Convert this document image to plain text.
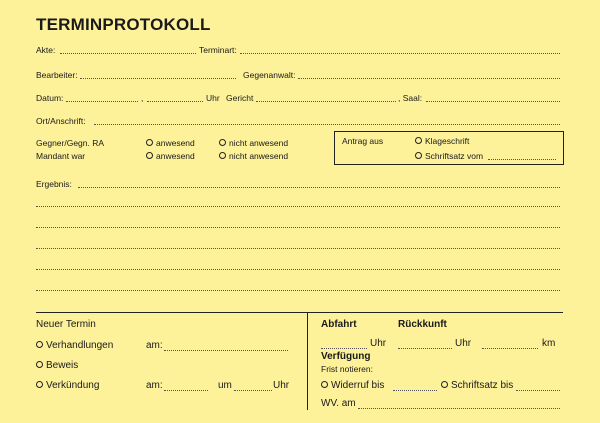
TERMINPROTOKOLL
Akte:	Terminart:
Bearbeiter:	Gegenanwalt:
Datum:	,	Uhr Gericht	, Saal:
Ort/Anschrift:
Gegner/Gegn. RA	anwesend	nicht anwesend
Mandant war	anwesend	nicht anwesend
Antrag aus	Klageschrift
Schriftsatz vom
Ergebnis:
Neuer Termin
Verhandlungen	am:
Beweis
Verkündung	am:	um	Uhr
Abfahrt	Rückkunft
Uhr	Uhr	km
Verfügung
Frist notieren:
Widerruf bis	Schriftsatz bis
WV. am
